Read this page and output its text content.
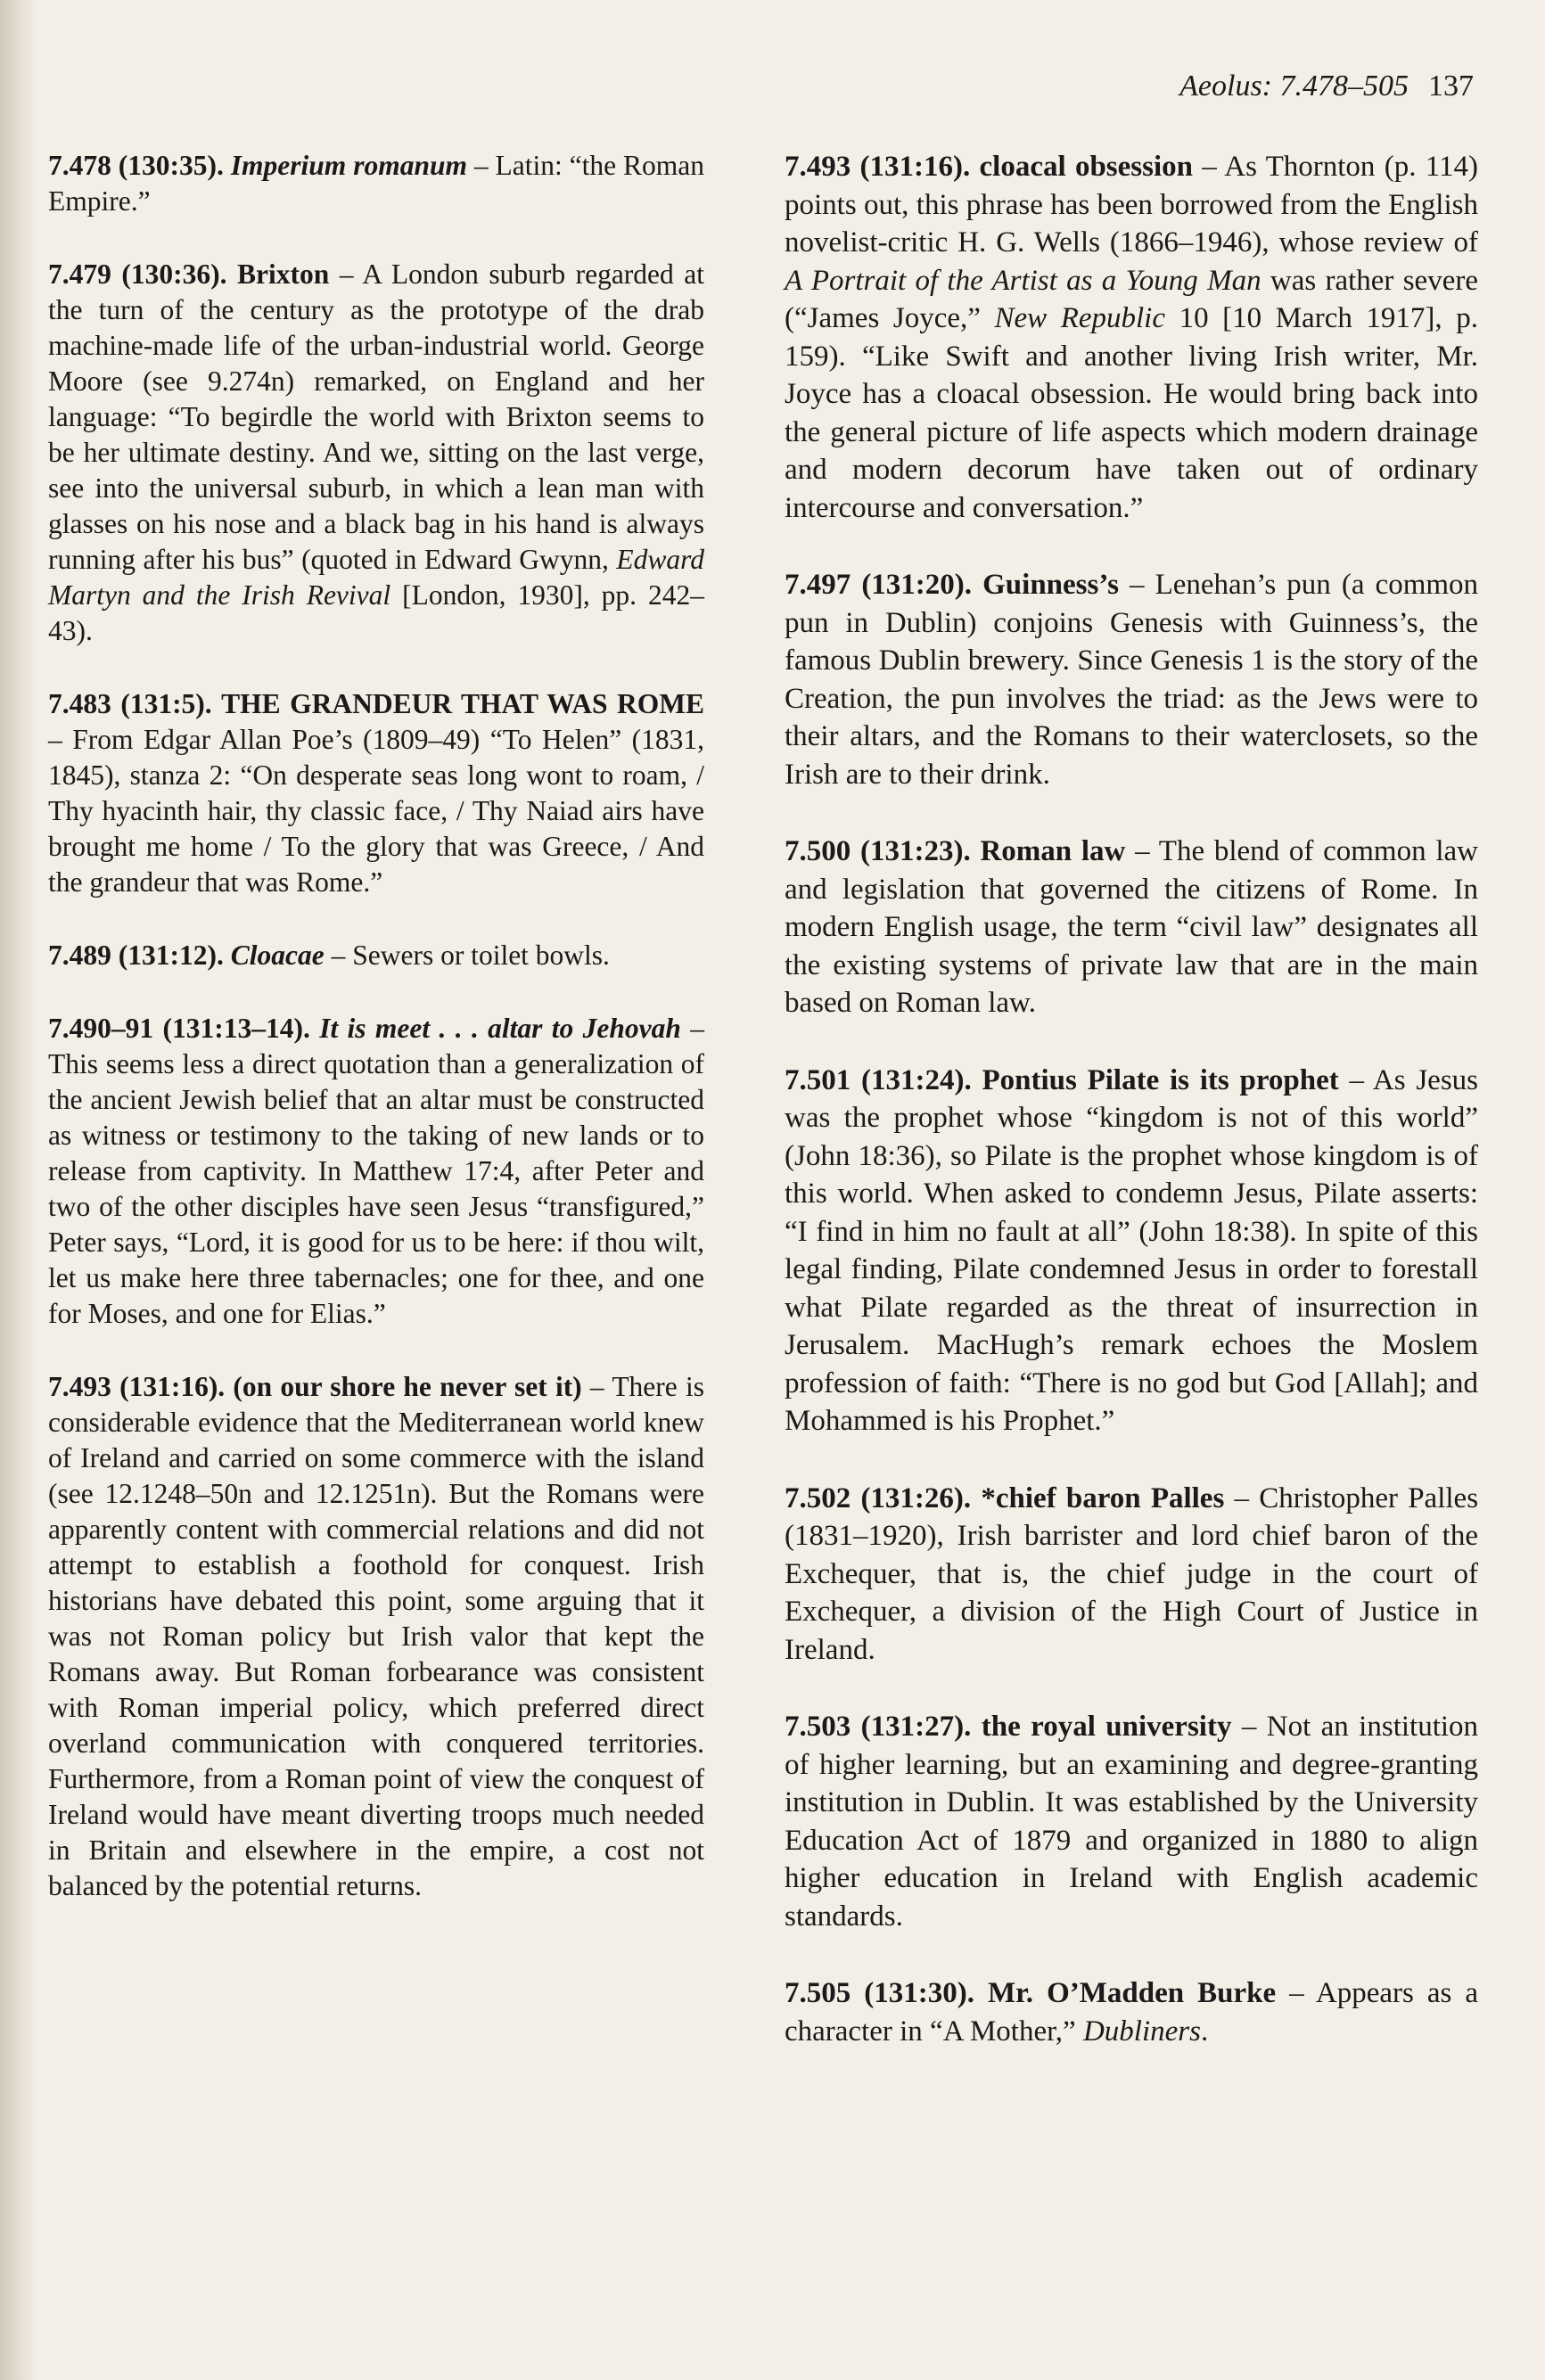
Aeolus: 7.478–505 137

7.478 (130:35). Imperium romanum – Latin: “the Roman Empire.”

7.479 (130:36). Brixton – A London suburb regarded at the turn of the century as the prototype of the drab machine-made life of the urban-industrial world. George Moore (see 9.274n) remarked, on England and her language: “To begirdle the world with Brixton seems to be her ultimate destiny. And we, sitting on the last verge, see into the universal suburb, in which a lean man with glasses on his nose and a black bag in his hand is always running after his bus” (quoted in Edward Gwynn, Edward Martyn and the Irish Revival [London, 1930], pp. 242–43).

7.483 (131:5). THE GRANDEUR THAT WAS ROME – From Edgar Allan Poe’s (1809–49) “To Helen” (1831, 1845), stanza 2: “On desperate seas long wont to roam, / Thy hyacinth hair, thy classic face, / Thy Naiad airs have brought me home / To the glory that was Greece, / And the grandeur that was Rome.”

7.489 (131:12). Cloacae – Sewers or toilet bowls.

7.490–91 (131:13–14). It is meet . . . altar to Jehovah – This seems less a direct quotation than a generalization of the ancient Jewish belief that an altar must be constructed as witness or testimony to the taking of new lands or to release from captivity. In Matthew 17:4, after Peter and two of the other disciples have seen Jesus “transfigured,” Peter says, “Lord, it is good for us to be here: if thou wilt, let us make here three tabernacles; one for thee, and one for Moses, and one for Elias.”

7.493 (131:16). (on our shore he never set it) – There is considerable evidence that the Mediterranean world knew of Ireland and carried on some commerce with the island (see 12.1248–50n and 12.1251n). But the Romans were apparently content with commercial relations and did not attempt to establish a foothold for conquest. Irish historians have debated this point, some arguing that it was not Roman policy but Irish valor that kept the Romans away. But Roman forbearance was consistent with Roman imperial policy, which preferred direct overland communication with conquered territories. Furthermore, from a Roman point of view the conquest of Ireland would have meant diverting troops much needed in Britain and elsewhere in the empire, a cost not balanced by the potential returns.

7.493 (131:16). cloacal obsession – As Thornton (p. 114) points out, this phrase has been borrowed from the English novelist-critic H. G. Wells (1866–1946), whose review of A Portrait of the Artist as a Young Man was rather severe (“James Joyce,” New Republic 10 [10 March 1917], p. 159). “Like Swift and another living Irish writer, Mr. Joyce has a cloacal obsession. He would bring back into the general picture of life aspects which modern drainage and modern decorum have taken out of ordinary intercourse and conversation.”

7.497 (131:20). Guinness’s – Lenehan’s pun (a common pun in Dublin) conjoins Genesis with Guinness’s, the famous Dublin brewery. Since Genesis 1 is the story of the Creation, the pun involves the triad: as the Jews were to their altars, and the Romans to their waterclosets, so the Irish are to their drink.

7.500 (131:23). Roman law – The blend of common law and legislation that governed the citizens of Rome. In modern English usage, the term “civil law” designates all the existing systems of private law that are in the main based on Roman law.

7.501 (131:24). Pontius Pilate is its prophet – As Jesus was the prophet whose “kingdom is not of this world” (John 18:36), so Pilate is the prophet whose kingdom is of this world. When asked to condemn Jesus, Pilate asserts: “I find in him no fault at all” (John 18:38). In spite of this legal finding, Pilate condemned Jesus in order to forestall what Pilate regarded as the threat of insurrection in Jerusalem. MacHugh’s remark echoes the Moslem profession of faith: “There is no god but God [Allah]; and Mohammed is his Prophet.”

7.502 (131:26). *chief baron Palles – Christopher Palles (1831–1920), Irish barrister and lord chief baron of the Exchequer, that is, the chief judge in the court of Exchequer, a division of the High Court of Justice in Ireland.

7.503 (131:27). the royal university – Not an institution of higher learning, but an examining and degree-granting institution in Dublin. It was established by the University Education Act of 1879 and organized in 1880 to align higher education in Ireland with English academic standards.

7.505 (131:30). Mr. O’Madden Burke – Appears as a character in “A Mother,” Dubliners.
